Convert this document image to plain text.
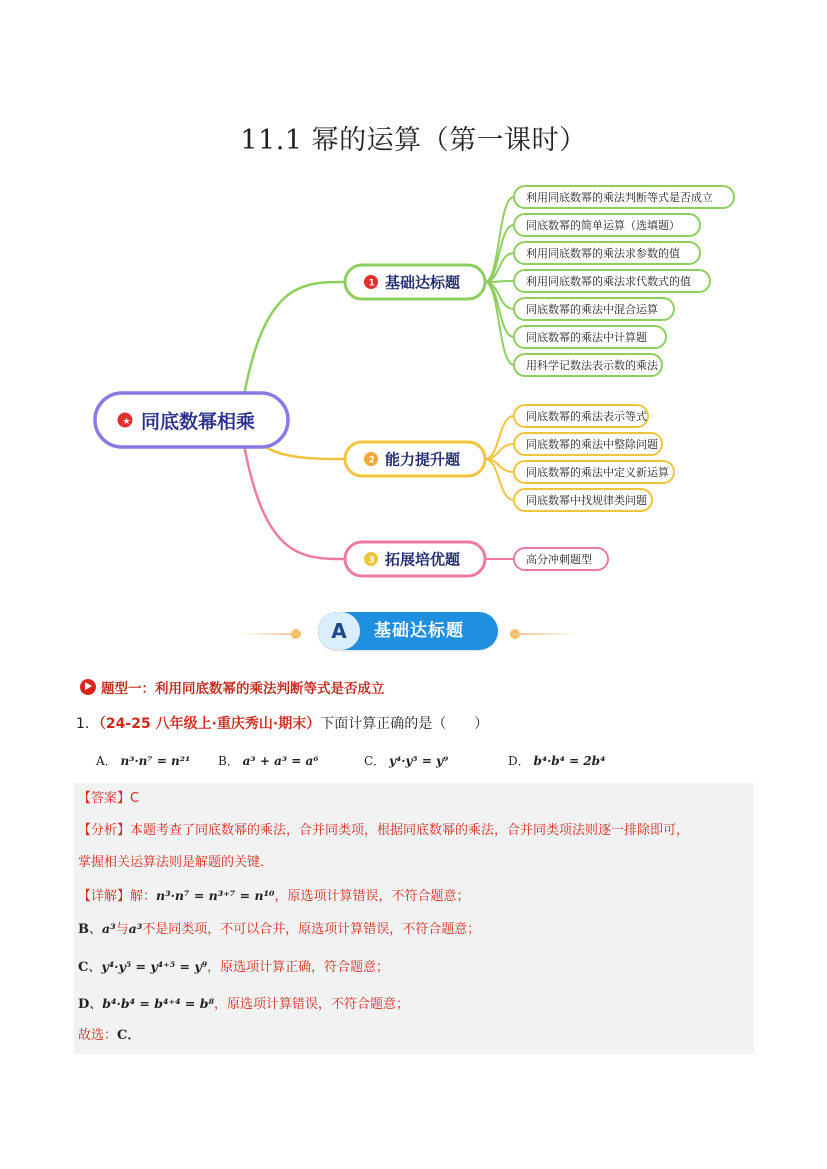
11.1 幂的运算（第一课时）
★ 同底数幂相乘
1 基础达标题
2 能力提升题
3 拓展培优题
利用同底数幂的乘法判断等式是否成立
同底数幂的简单运算（选填题）
利用同底数幂的乘法求参数的值
利用同底数幂的乘法求代数式的值
同底数幂的乘法中混合运算
同底数幂的乘法中计算题
用科学记数法表示数的乘法
同底数幂的乘法表示等式
同底数幂的乘法中整除问题
同底数幂的乘法中定义新运算
同底数幂中找规律类问题
高分冲刺题型
A	基础达标题
题型一：利用同底数幂的乘法判断等式是否成立
1．（24-25 八年级上·重庆秀山·期末）下面计算正确的是（　　）
A． n³·n⁷ = n²¹ B． a³ + a³ = a⁶	C． y⁴·y⁵ = y⁹	D． b⁴·b⁴ = 2b⁴
【答案】C
【分析】本题考查了同底数幂的乘法，合并同类项，根据同底数幂的乘法，合并同类项法则逐一排除即可，
掌握相关运算法则是解题的关键．
【详解】解：n³·n⁷ = n³⁺⁷ = n¹⁰，原选项计算错误，不符合题意；
B、a³与a³不是同类项，不可以合并，原选项计算错误，不符合题意；
C、y⁴·y⁵ = y⁴⁺⁵ = y⁹，原选项计算正确，符合题意；
D、b⁴·b⁴ = b⁴⁺⁴ = b⁸，原选项计算错误，不符合题意；
故选：C．
